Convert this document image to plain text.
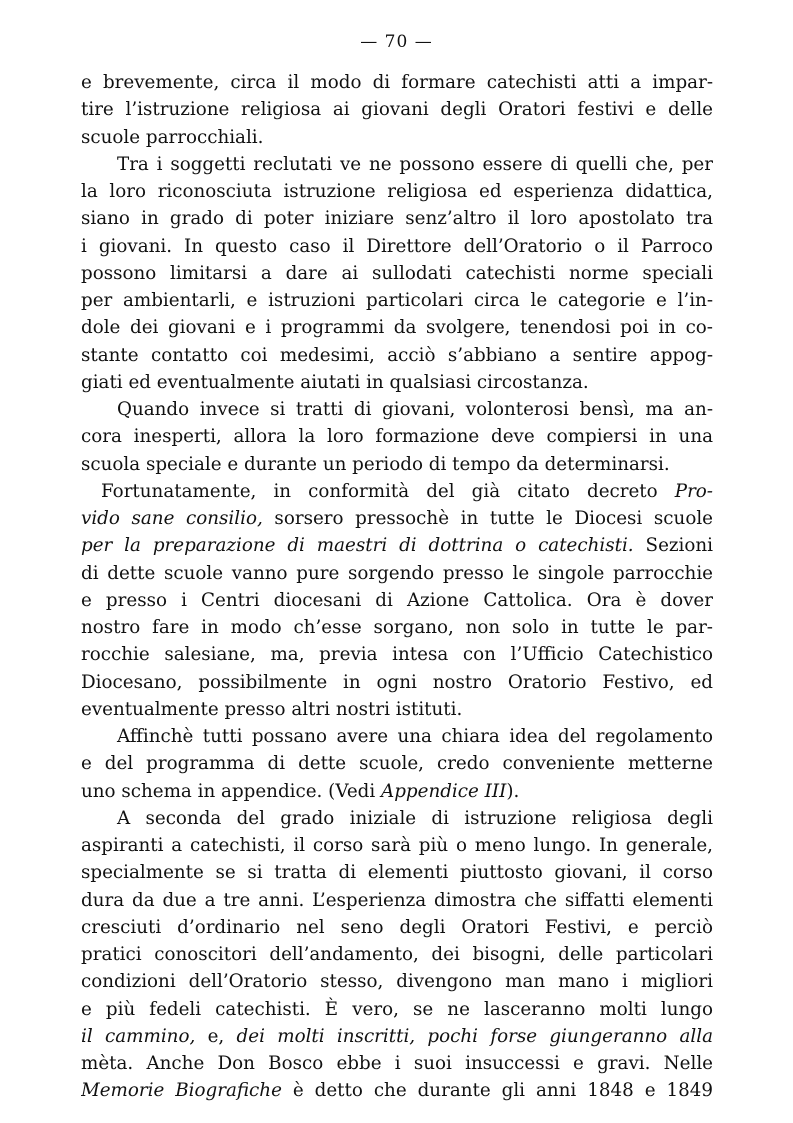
— 70 —
e brevemente, circa il modo di formare catechisti atti a impar-
tire l’istruzione religiosa ai giovani degli Oratori festivi e delle
scuole parrocchiali.
Tra i soggetti reclutati ve ne possono essere di quelli che, per
la loro riconosciuta istruzione religiosa ed esperienza didattica,
siano in grado di poter iniziare senz’altro il loro apostolato tra
i giovani. In questo caso il Direttore dell’Oratorio o il Parroco
possono limitarsi a dare ai sullodati catechisti norme speciali
per ambientarli, e istruzioni particolari circa le categorie e l’in-
dole dei giovani e i programmi da svolgere, tenendosi poi in co-
stante contatto coi medesimi, acciò s’abbiano a sentire appog-
giati ed eventualmente aiutati in qualsiasi circostanza.
Quando invece si tratti di giovani, volonterosi bensì, ma an-
cora inesperti, allora la loro formazione deve compiersi in una
scuola speciale e durante un periodo di tempo da determinarsi.
Fortunatamente, in conformità del già citato decreto Pro-
vido sane consilio, sorsero pressochè in tutte le Diocesi scuole
per la preparazione di maestri di dottrina o catechisti. Sezioni
di dette scuole vanno pure sorgendo presso le singole parrocchie
e presso i Centri diocesani di Azione Cattolica. Ora è dover
nostro fare in modo ch’esse sorgano, non solo in tutte le par-
rocchie salesiane, ma, previa intesa con l’Ufficio Catechistico
Diocesano, possibilmente in ogni nostro Oratorio Festivo, ed
eventualmente presso altri nostri istituti.
Affinchè tutti possano avere una chiara idea del regolamento
e del programma di dette scuole, credo conveniente metterne
uno schema in appendice. (Vedi Appendice III).
A seconda del grado iniziale di istruzione religiosa degli
aspiranti a catechisti, il corso sarà più o meno lungo. In generale,
specialmente se si tratta di elementi piuttosto giovani, il corso
dura da due a tre anni. L’esperienza dimostra che siffatti elementi
cresciuti d’ordinario nel seno degli Oratori Festivi, e perciò
pratici conoscitori dell’andamento, dei bisogni, delle particolari
condizioni dell’Oratorio stesso, divengono man mano i migliori
e più fedeli catechisti. È vero, se ne lasceranno molti lungo
il cammino, e, dei molti inscritti, pochi forse giungeranno alla
mèta. Anche Don Bosco ebbe i suoi insuccessi e gravi. Nelle
Memorie Biografiche è detto che durante gli anni 1848 e 1849
